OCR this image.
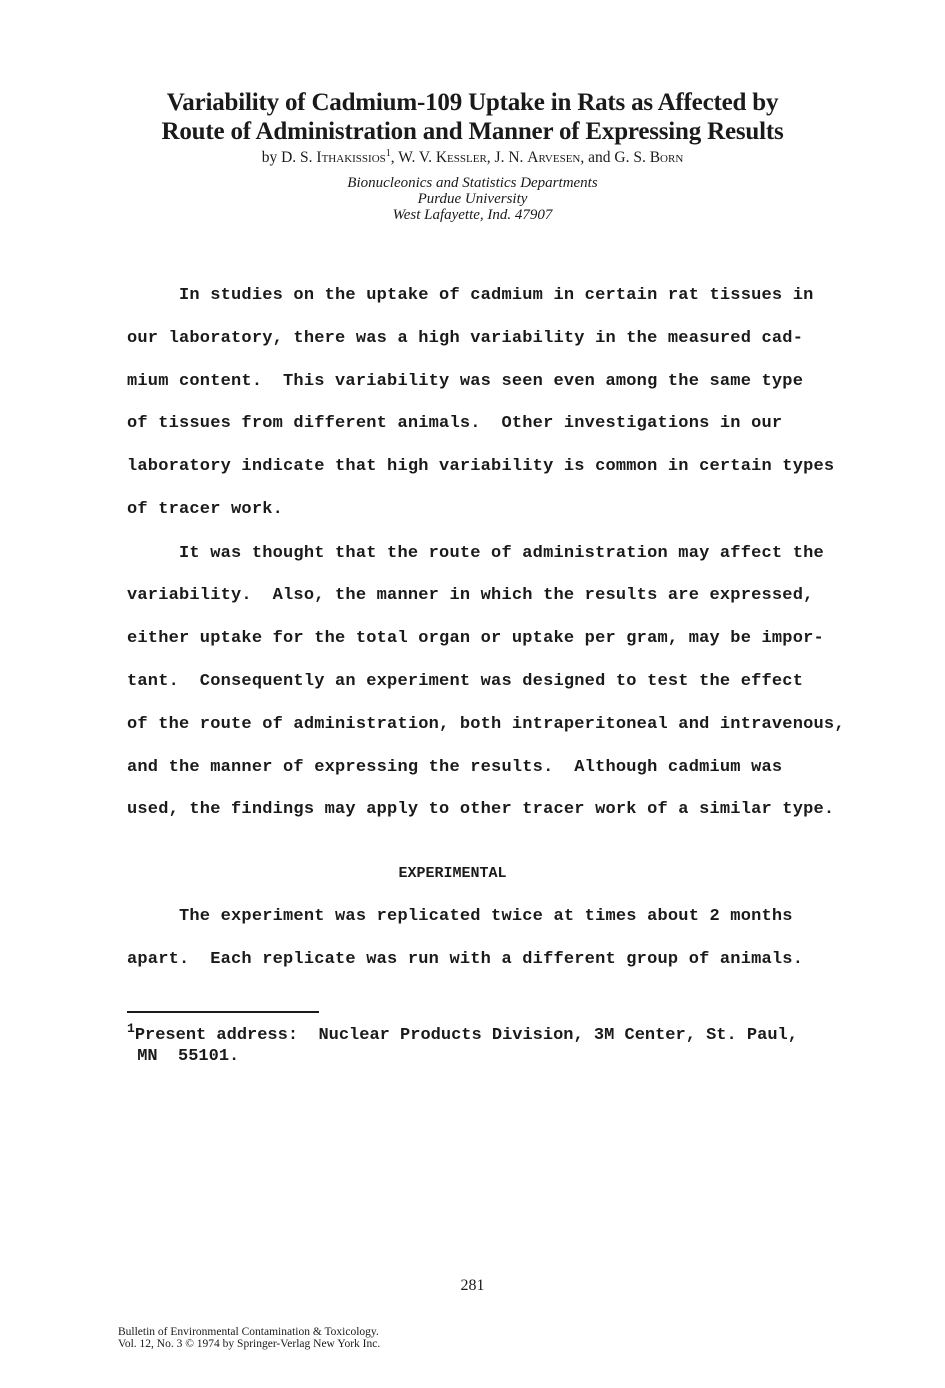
Variability of Cadmium-109 Uptake in Rats as Affected by
Route of Administration and Manner of Expressing Results
by D. S. Ithakissios$^1$, W. V. Kessler, J. N. Arvesen, and G. S. Born
Bionucleonics and Statistics Departments
Purdue University
West Lafayette, Ind. 47907
In studies on the uptake of cadmium in certain rat tissues in
our laboratory, there was a high variability in the measured cad-
mium content.  This variability was seen even among the same type
of tissues from different animals.  Other investigations in our
laboratory indicate that high variability is common in certain types
of tracer work.
It was thought that the route of administration may affect the
variability.  Also, the manner in which the results are expressed,
either uptake for the total organ or uptake per gram, may be impor-
tant.  Consequently an experiment was designed to test the effect
of the route of administration, both intraperitoneal and intravenous,
and the manner of expressing the results.  Although cadmium was
used, the findings may apply to other tracer work of a similar type.
EXPERIMENTAL
The experiment was replicated twice at times about 2 months
apart.  Each replicate was run with a different group of animals.
$^1$Present address:  Nuclear Products Division, 3M Center, St. Paul,
MN  55101.
281
Bulletin of Environmental Contamination & Toxicology.
Vol. 12, No. 3 © 1974 by Springer-Verlag New York Inc.
